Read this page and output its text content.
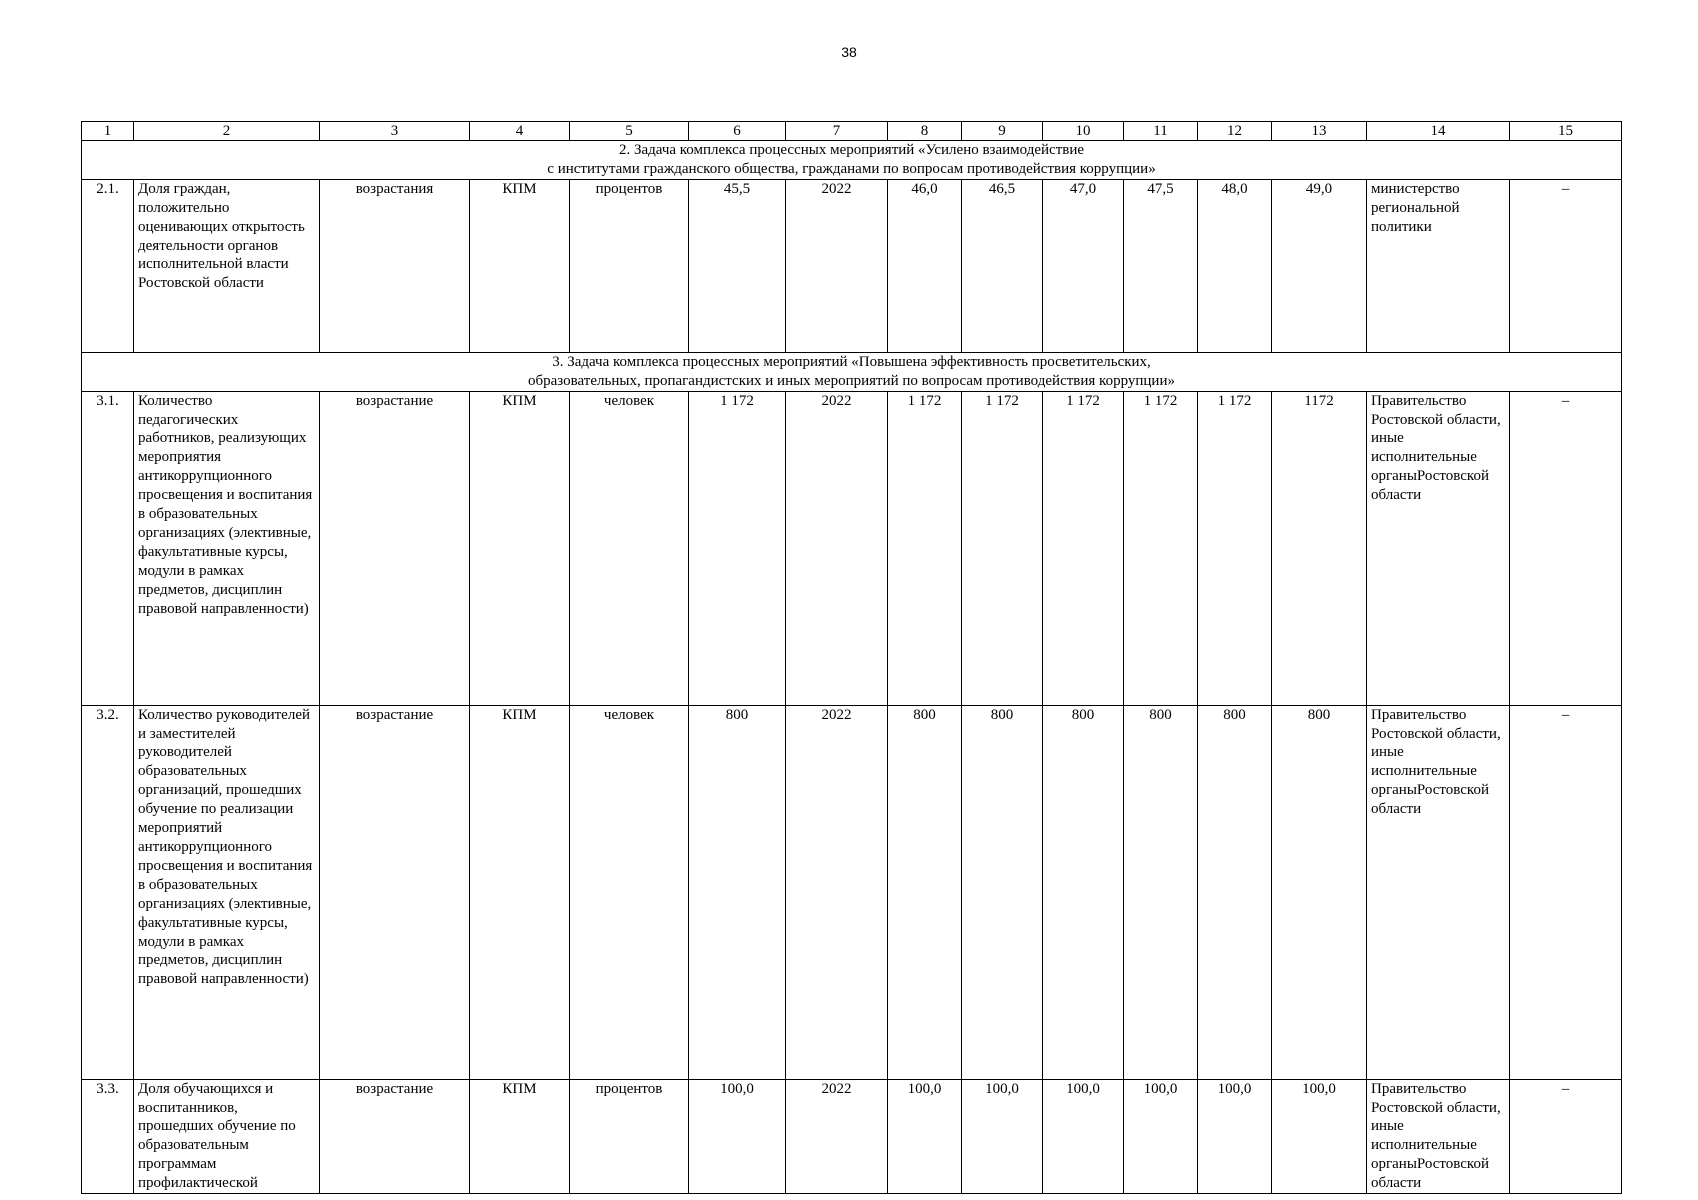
38
1	2	3	4	5	6	7	8	9	10	11	12	13	14	15

2. Задача комплекса процессных мероприятий «Усилено взаимодействие
с институтами гражданского общества, гражданами по вопросам противодействия коррупции»														

2.1.	Доля граждан, положительно оценивающих открытость деятельности органов исполнительной власти Ростовской области	возрастания	КПМ	процентов	45,5	2022	46,0	46,5	47,0	47,5	48,0	49,0	министерство региональной политики	–

3. Задача комплекса процессных мероприятий «Повышена эффективность просветительских,
образовательных, пропагандистских и иных мероприятий по вопросам противодействия коррупции»														

3.1.	Количество педагогических работников, реализующих мероприятия антикоррупционного просвещения и воспитания в образовательных организациях (элективные, факультативные курсы, модули в рамках предметов, дисциплин правовой направленности)	возрастание	КПМ	человек	1 172	2022	1 172	1 172	1 172	1 172	1 172	1172	Правительство Ростовской области, иные исполнительные органыРостовской области	–
3.2.	Количество руководителей и заместителей руководителей образовательных организаций, прошедших обучение по реализации мероприятий антикоррупционного просвещения и воспитания в образовательных организациях (элективные, факультативные курсы, модули в рамках предметов, дисциплин правовой направленности)	возрастание	КПМ	человек	800	2022	800	800	800	800	800	800	Правительство Ростовской области, иные исполнительные органыРостовской области	–
3.3.	Доля обучающихся и воспитанников, прошедших обучение по образовательным программам профилактической	возрастание	КПМ	процентов	100,0	2022	100,0	100,0	100,0	100,0	100,0	100,0	Правительство Ростовской области, иные исполнительные органыРостовской области	–
